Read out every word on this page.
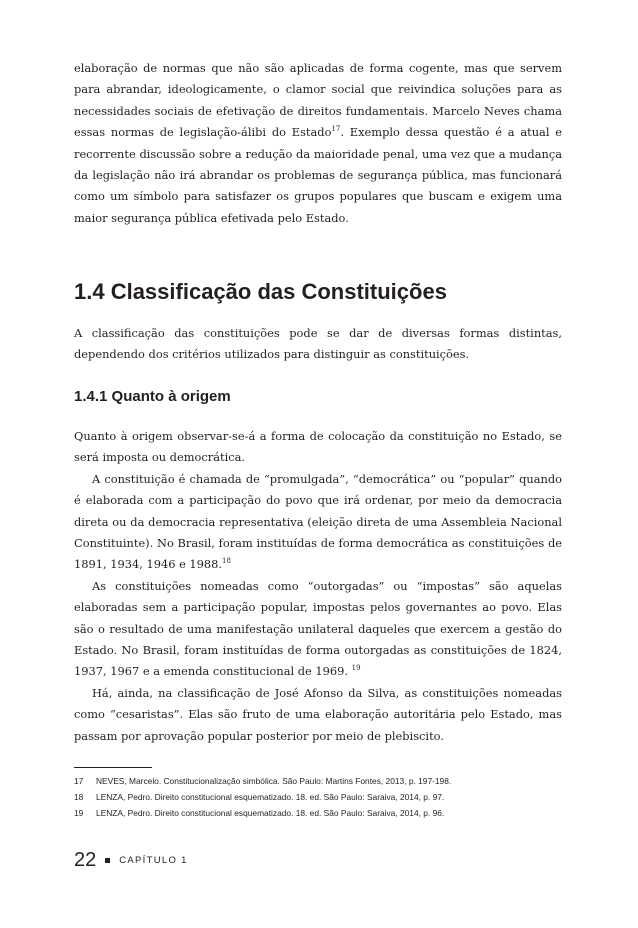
elaboração de normas que não são aplicadas de forma cogente, mas que servem para abrandar, ideologicamente, o clamor social que reivindica soluções para as necessidades sociais de efetivação de direitos fundamentais. Marcelo Neves chama essas normas de legislação-álibi do Estado$^{17}$. Exemplo dessa questão é a atual e recorrente discussão sobre a redução da maioridade penal, uma vez que a mudança da legislação não irá abrandar os problemas de segurança pública, mas funcionará como um símbolo para satisfazer os grupos populares que buscam e exigem uma maior segurança pública efetivada pelo Estado.

1.4 Classificação das Constituições

A classificação das constituições pode se dar de diversas formas distintas, dependendo dos critérios utilizados para distinguir as constituições.

1.4.1 Quanto à origem

Quanto à origem observar-se-á a forma de colocação da constituição no Estado, se será imposta ou democrática.

A constituição é chamada de “promulgada”, “democrática” ou “popular” quando é elaborada com a participação do povo que irá ordenar, por meio da democracia direta ou da democracia representativa (eleição direta de uma Assembleia Nacional Constituinte). No Brasil, foram instituídas de forma democrática as constituições de 1891, 1934, 1946 e 1988.18

As constituições nomeadas como “outorgadas” ou “impostas” são aquelas elaboradas sem a participação popular, impostas pelos governantes ao povo. Elas são o resultado de uma manifestação unilateral daqueles que exercem a gestão do Estado. No Brasil, foram instituídas de forma outorgadas as constituições de 1824, 1937, 1967 e a emenda constitucional de 1969. $^{19}$

Há, ainda, na classificação de José Afonso da Silva, as constituições nomeadas como “cesaristas”. Elas são fruto de uma elaboração autoritária pelo Estado, mas passam por aprovação popular posterior por meio de plebiscito.

17	NEVES, Marcelo. Constitucionalização simbólica. São Paulo: Martins Fontes, 2013, p. 197-198.
18	LENZA, Pedro. Direito constitucional esquematizado. 18. ed. São Paulo: Saraiva, 2014, p. 97.
19	LENZA, Pedro. Direito constitucional esquematizado. 18. ed. São Paulo: Saraiva, 2014, p. 96.
22 CAPÍTULO 1
